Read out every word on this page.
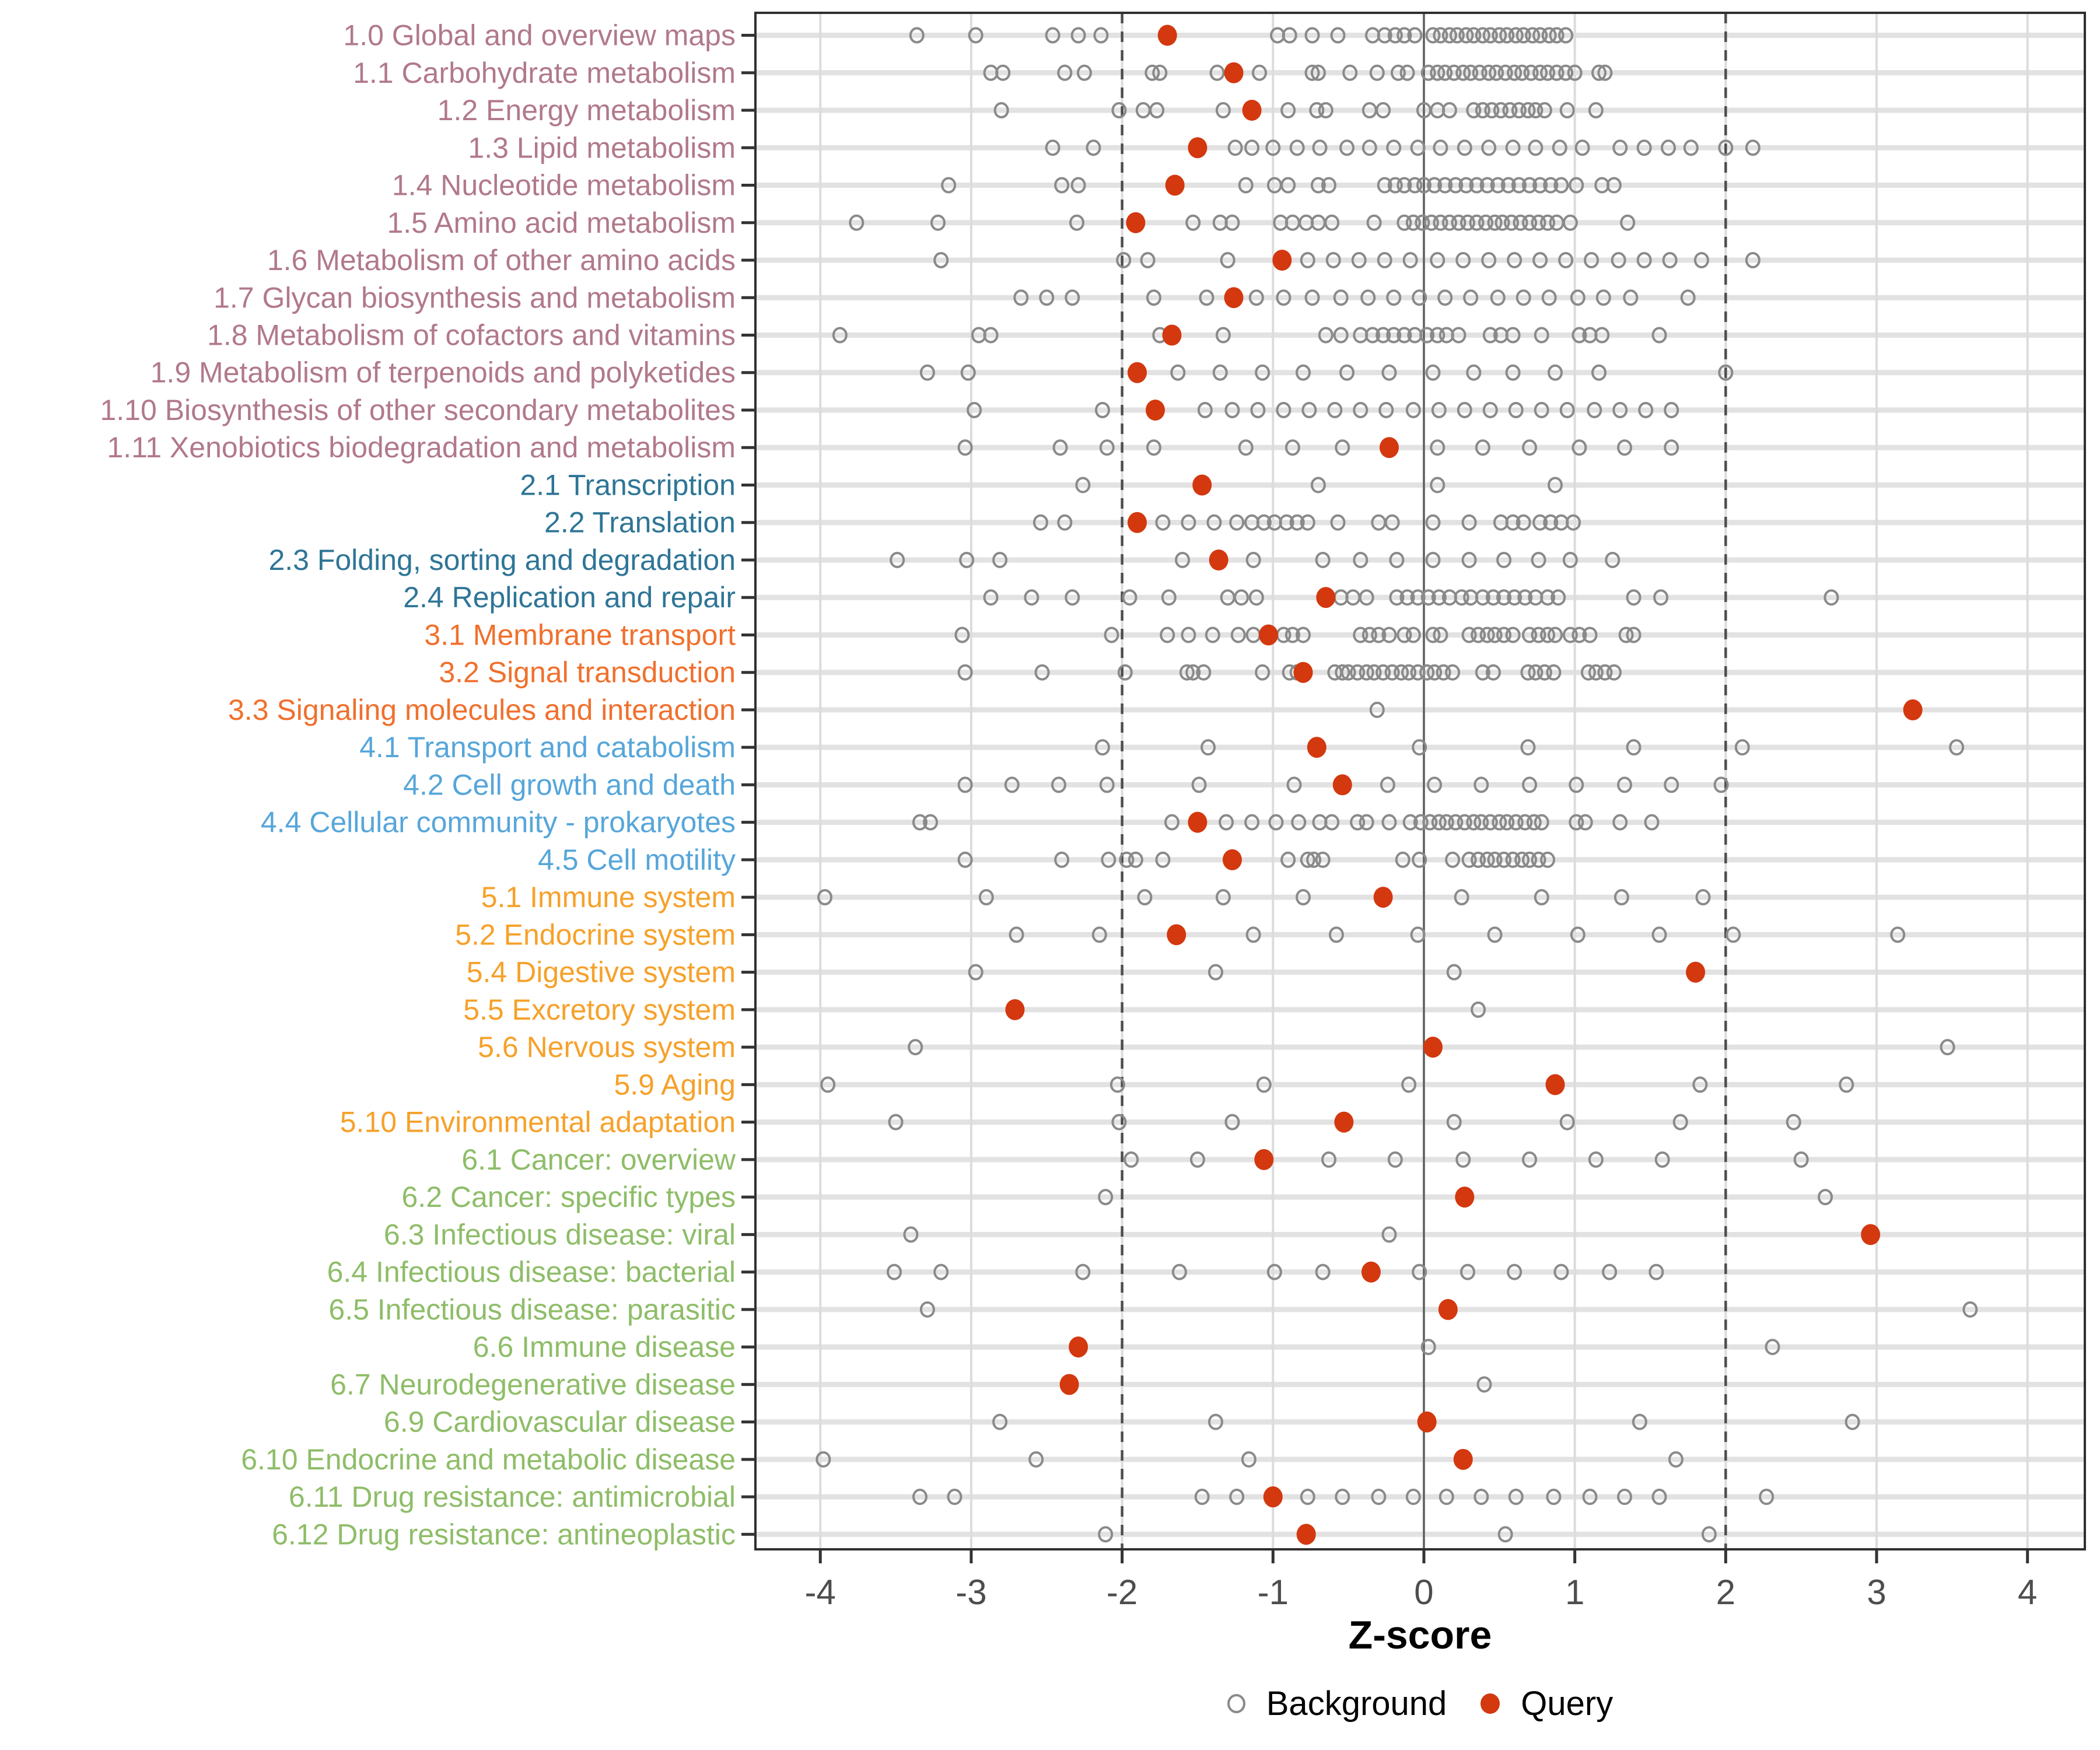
1.0 Global and overview maps
1.1 Carbohydrate metabolism
1.2 Energy metabolism
1.3 Lipid metabolism
1.4 Nucleotide metabolism
1.5 Amino acid metabolism
1.6 Metabolism of other amino acids
1.7 Glycan biosynthesis and metabolism
1.8 Metabolism of cofactors and vitamins
1.9 Metabolism of terpenoids and polyketides
1.10 Biosynthesis of other secondary metabolites
1.11 Xenobiotics biodegradation and metabolism
2.1 Transcription
2.2 Translation
2.3 Folding, sorting and degradation
2.4 Replication and repair
3.1 Membrane transport
3.2 Signal transduction
3.3 Signaling molecules and interaction
4.1 Transport and catabolism
4.2 Cell growth and death
4.4 Cellular community - prokaryotes
4.5 Cell motility
5.1 Immune system
5.2 Endocrine system
5.4 Digestive system
5.5 Excretory system
5.6 Nervous system
5.9 Aging
5.10 Environmental adaptation
6.1 Cancer: overview
6.2 Cancer: specific types
6.3 Infectious disease: viral
6.4 Infectious disease: bacterial
6.5 Infectious disease: parasitic
6.6 Immune disease
6.7 Neurodegenerative disease
6.9 Cardiovascular disease
6.10 Endocrine and metabolic disease
6.11 Drug resistance: antimicrobial
6.12 Drug resistance: antineoplastic
-4	-3	-2	-1	0	1	2	3	4
Z-score
Background Query
